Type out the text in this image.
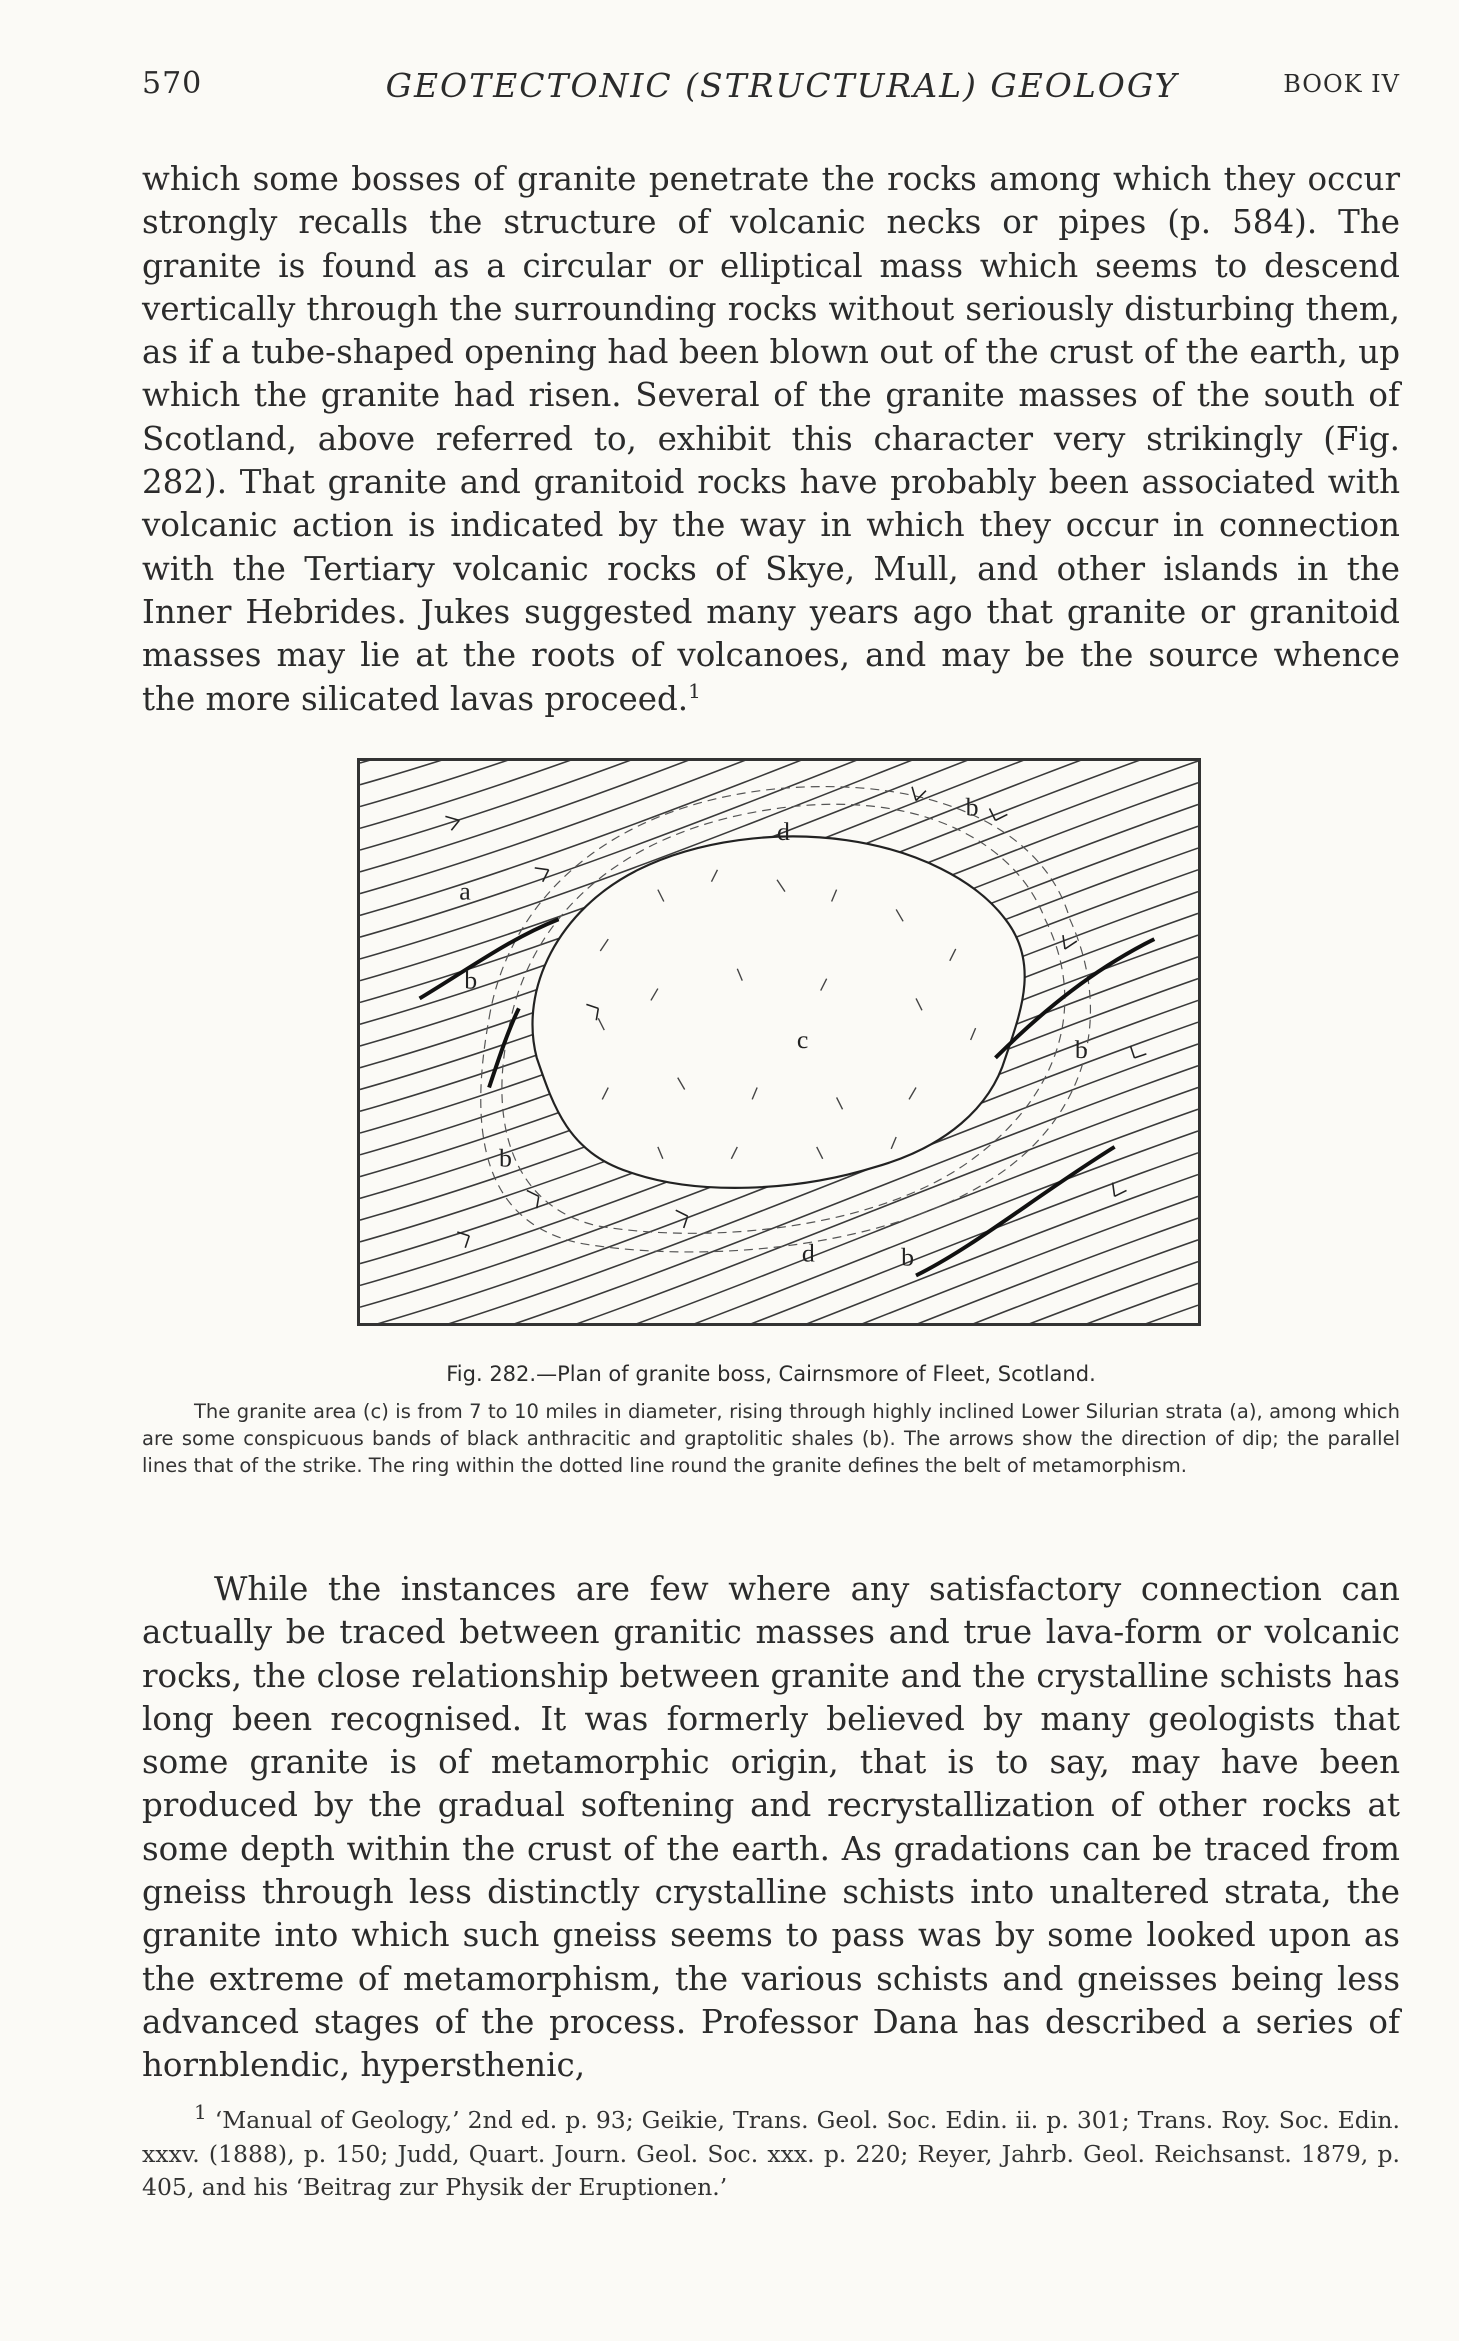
570	GEOTECTONIC (STRUCTURAL) GEOLOGY	BOOK IV

which some bosses of granite penetrate the rocks among which they occur strongly recalls the structure of volcanic necks or pipes (p. 584). The granite is found as a circular or elliptical mass which seems to descend vertically through the surrounding rocks without seriously disturbing them, as if a tube-shaped opening had been blown out of the crust of the earth, up which the granite had risen. Several of the granite masses of the south of Scotland, above referred to, exhibit this character very strikingly (Fig. 282). That granite and granitoid rocks have probably been associated with volcanic action is indicated by the way in which they occur in connection with the Tertiary volcanic rocks of Skye, Mull, and other islands in the Inner Hebrides. Jukes suggested many years ago that granite or granitoid masses may lie at the roots of volcanoes, and may be the source whence the more silicated lavas proceed.$^1$

a
b
b
b
b
b
c
d
d

Fig. 282.—Plan of granite boss, Cairnsmore of Fleet, Scotland.

The granite area (c) is from 7 to 10 miles in diameter, rising through highly inclined Lower Silurian strata (a), among which are some conspicuous bands of black anthracitic and graptolitic shales (b). The arrows show the direction of dip; the parallel lines that of the strike. The ring within the dotted line round the granite defines the belt of metamorphism.

While the instances are few where any satisfactory connection can actually be traced between granitic masses and true lava-form or volcanic rocks, the close relationship between granite and the crystalline schists has long been recognised. It was formerly believed by many geologists that some granite is of metamorphic origin, that is to say, may have been produced by the gradual softening and recrystallization of other rocks at some depth within the crust of the earth. As gradations can be traced from gneiss through less distinctly crystalline schists into unaltered strata, the granite into which such gneiss seems to pass was by some looked upon as the extreme of metamorphism, the various schists and gneisses being less advanced stages of the process. Professor Dana has described a series of hornblendic, hypersthenic,

$^1$ ‘Manual of Geology,’ 2nd ed. p. 93; Geikie, Trans. Geol. Soc. Edin. ii. p. 301; Trans. Roy. Soc. Edin. xxxv. (1888), p. 150; Judd, Quart. Journ. Geol. Soc. xxx. p. 220; Reyer, Jahrb. Geol. Reichsanst. 1879, p. 405, and his ‘Beitrag zur Physik der Eruptionen.’
